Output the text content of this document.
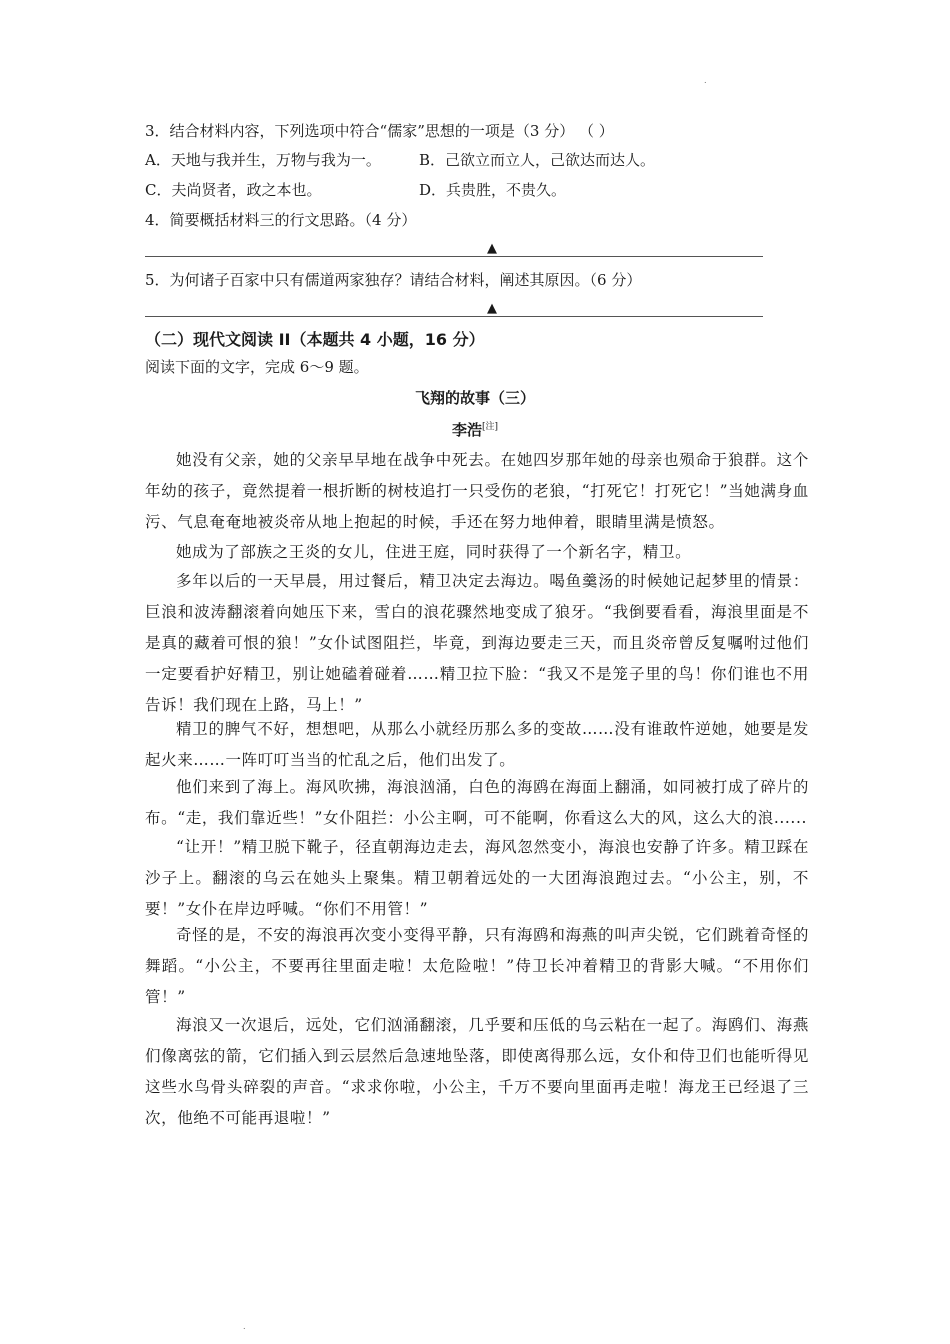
.
3．结合材料内容，下列选项中符合“儒家”思想的一项是（3 分） （ ）
A．天地与我并生，万物与我为一。	B．己欲立而立人，己欲达而达人。
C．夫尚贤者，政之本也。	D．兵贵胜，不贵久。
4．简要概括材料三的行文思路。（4 分）
▲
5．为何诸子百家中只有儒道两家独存？请结合材料，阐述其原因。（6 分）
▲
（二）现代文阅读 II（本题共 4 小题，16 分）
阅读下面的文字，完成 6～9 题。
飞翔的故事（三）
李浩[注]
她没有父亲，她的父亲早早地在战争中死去。在她四岁那年她的母亲也殒命于狼群。这个年幼的孩子，竟然提着一根折断的树枝追打一只受伤的老狼，“打死它！打死它！”当她满身血污、气息奄奄地被炎帝从地上抱起的时候，手还在努力地伸着，眼睛里满是愤怒。
她成为了部族之王炎的女儿，住进王庭，同时获得了一个新名字，精卫。
多年以后的一天早晨，用过餐后，精卫决定去海边。喝鱼羹汤的时候她记起梦里的情景：巨浪和波涛翻滚着向她压下来，雪白的浪花骤然地变成了狼牙。“我倒要看看，海浪里面是不是真的藏着可恨的狼！”女仆试图阻拦，毕竟，到海边要走三天，而且炎帝曾反复嘱咐过他们一定要看护好精卫，别让她磕着碰着……精卫拉下脸：“我又不是笼子里的鸟！你们谁也不用告诉！我们现在上路，马上！”
精卫的脾气不好，想想吧，从那么小就经历那么多的变故……没有谁敢忤逆她，她要是发起火来……一阵叮叮当当的忙乱之后，他们出发了。
他们来到了海上。海风吹拂，海浪汹涌，白色的海鸥在海面上翻涌，如同被打成了碎片的布。“走，我们靠近些！”女仆阻拦：小公主啊，可不能啊，你看这么大的风，这么大的浪......
“让开！”精卫脱下靴子，径直朝海边走去，海风忽然变小，海浪也安静了许多。精卫踩在沙子上。翻滚的乌云在她头上聚集。精卫朝着远处的一大团海浪跑过去。“小公主，别，不要！”女仆在岸边呼喊。“你们不用管！”
奇怪的是，不安的海浪再次变小变得平静，只有海鸥和海燕的叫声尖锐，它们跳着奇怪的舞蹈。“小公主，不要再往里面走啦！太危险啦！”侍卫长冲着精卫的背影大喊。“不用你们管！”
海浪又一次退后，远处，它们汹涌翻滚，几乎要和压低的乌云粘在一起了。海鸥们、海燕们像离弦的箭，它们插入到云层然后急速地坠落，即使离得那么远，女仆和侍卫们也能听得见这些水鸟骨头碎裂的声音。“求求你啦，小公主，千万不要向里面再走啦！海龙王已经退了三次，他绝不可能再退啦！”
.
